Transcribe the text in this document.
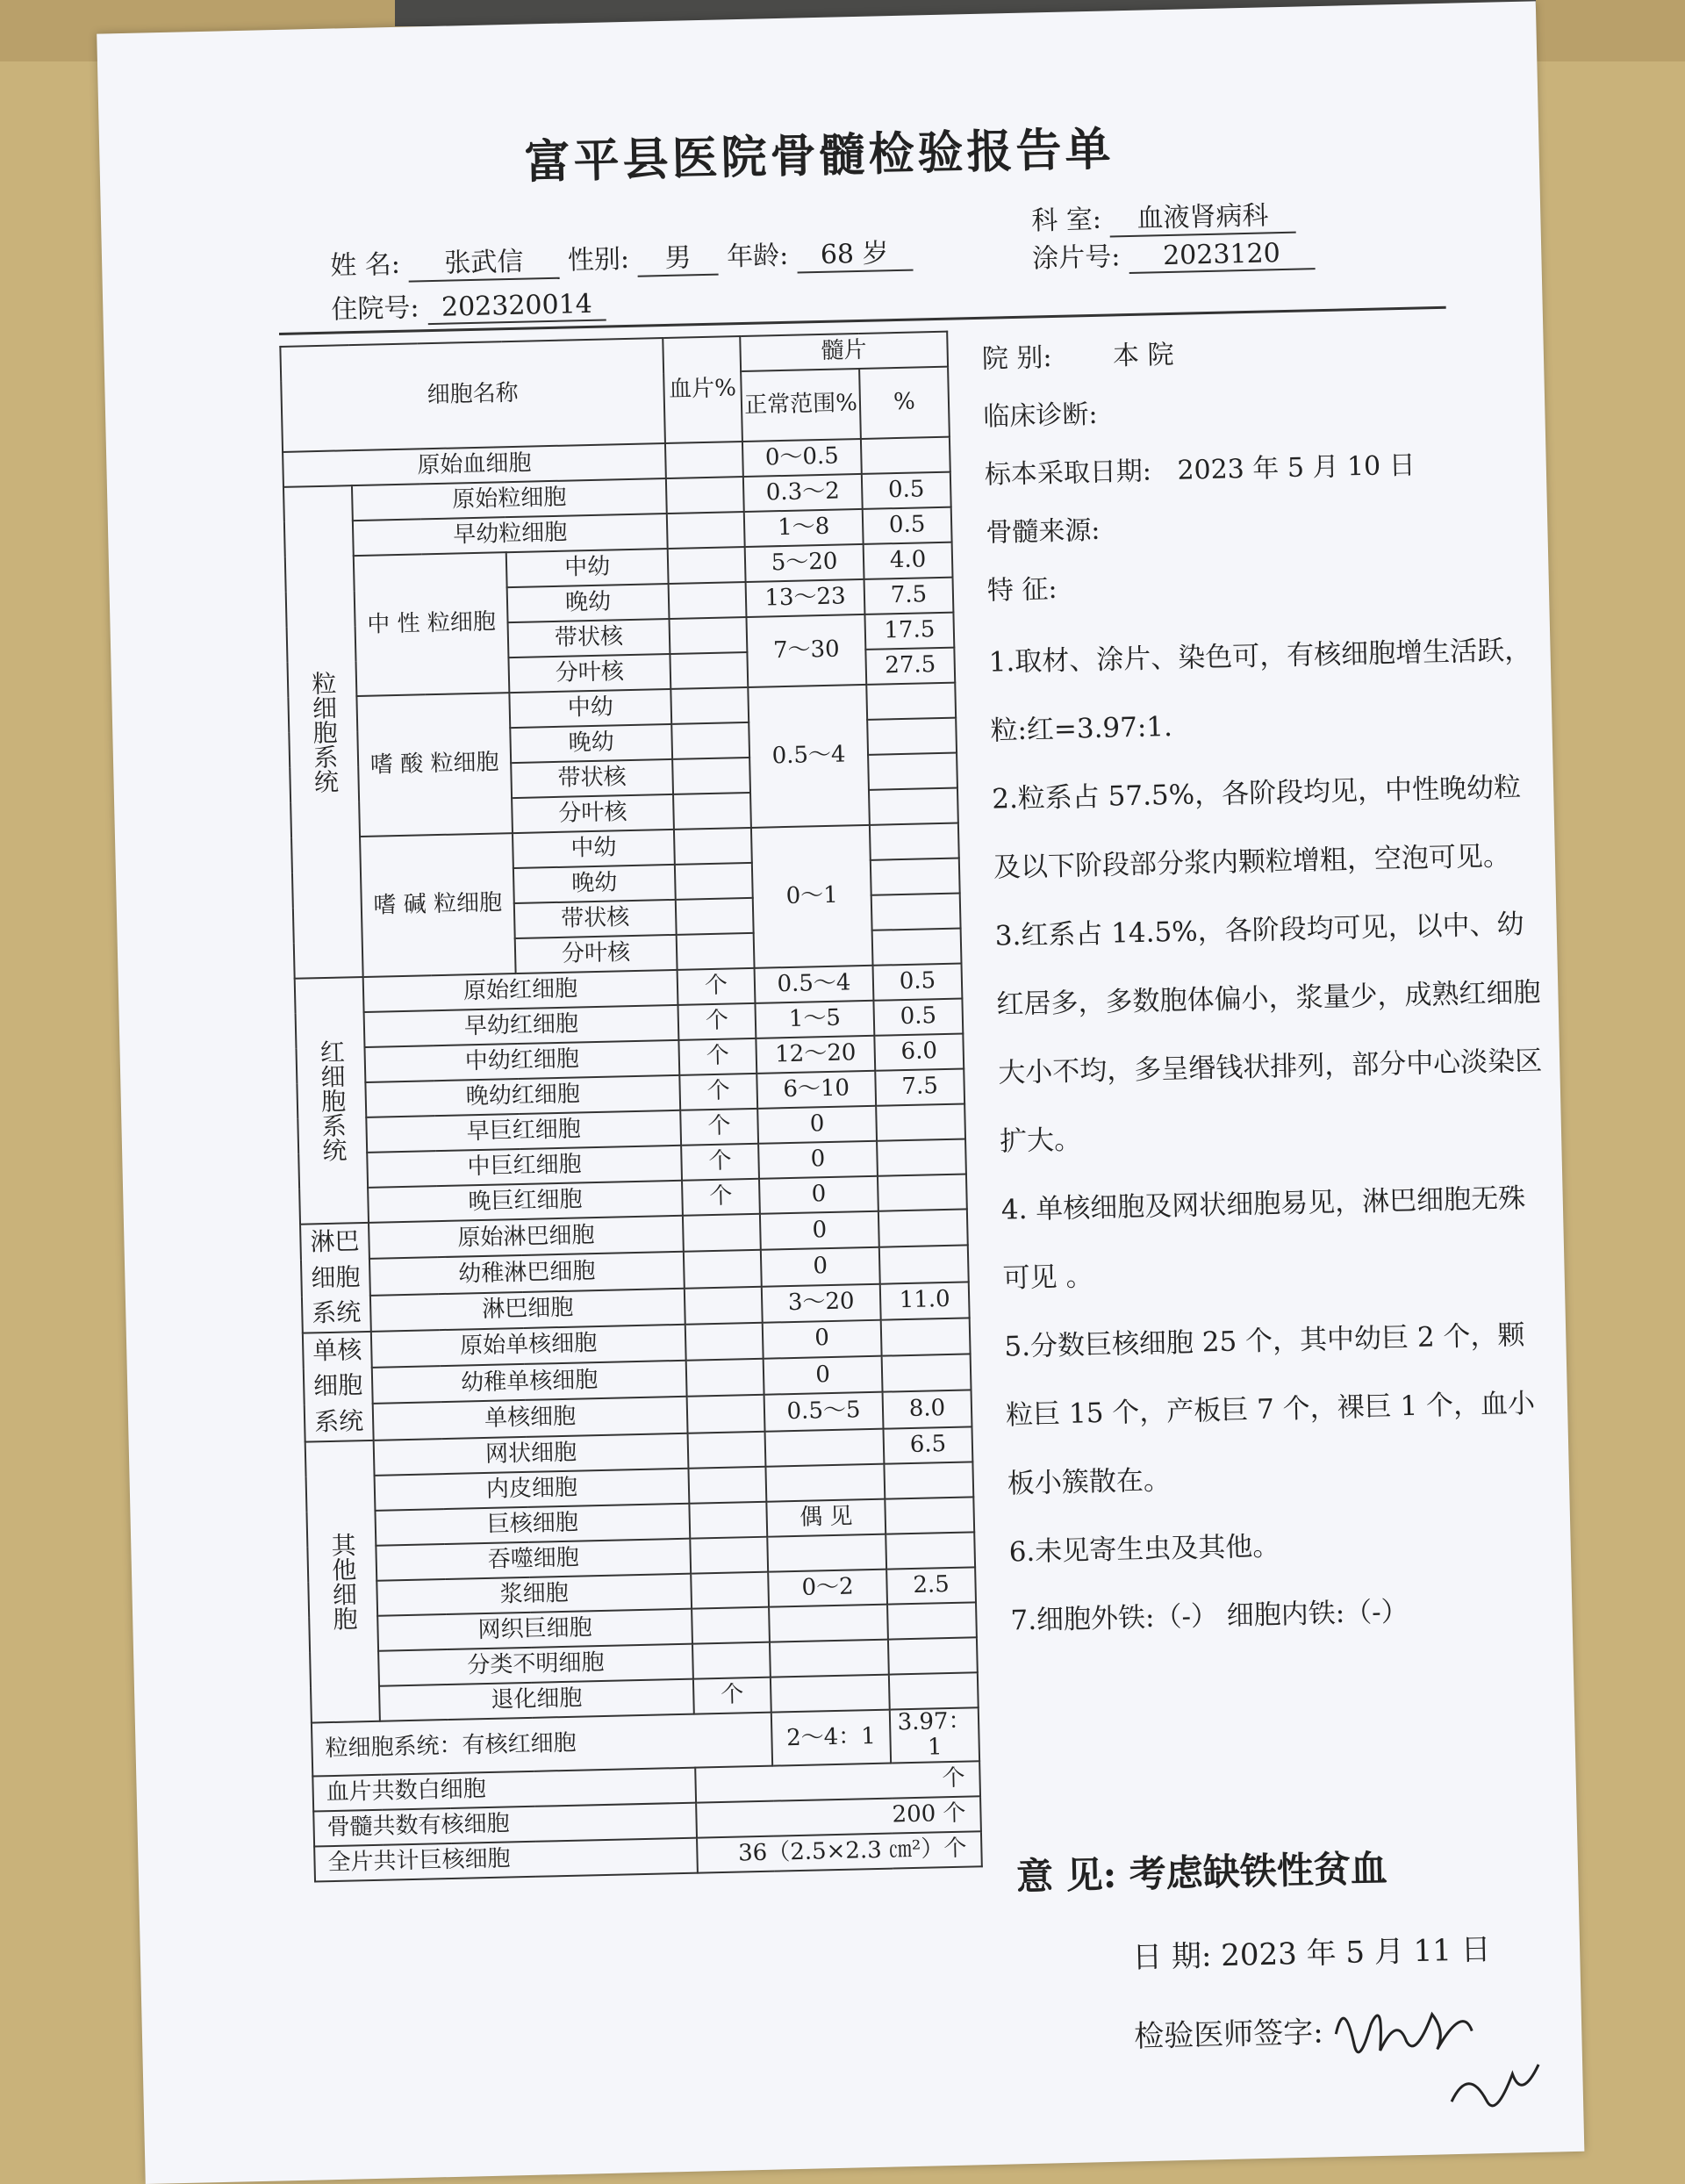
富平县医院骨髓检验报告单
姓 名: 张武信 性别: 男 年龄: 68 岁
科 室: 血液肾病科
涂片号: 2023120
住院号: 202320014
细胞名称			血片%	髓片	
				正常范围%	%
原始血细胞				0～0.5	
粒细胞系统	原始粒细胞			0.3～2	0.5
	早幼粒细胞			1～8	0.5
	中 性 粒细胞	中幼		5～20	4.0
		晚幼		13～23	7.5
		带状核		7～30	17.5
		分叶核			27.5
	嗜 酸 粒细胞	中幼		0.5～4	
		晚幼			
		带状核			
		分叶核			
	嗜 碱 粒细胞	中幼		0～1	
		晚幼			
		带状核			
		分叶核			
红细胞系统	原始红细胞		个	0.5～4	0.5
	早幼红细胞		个	1～5	0.5
	中幼红细胞		个	12～20	6.0
	晚幼红细胞		个	6～10	7.5
	早巨红细胞		个	0	
	中巨红细胞		个	0	
	晚巨红细胞		个	0	
淋巴细胞系统	原始淋巴细胞			0	
	幼稚淋巴细胞			0	
	淋巴细胞			3～20	11.0
单核细胞系统	原始单核细胞			0	
	幼稚单核细胞			0	
	单核细胞			0.5～5	8.0
其他细胞	网状细胞				6.5
	内皮细胞				
	巨核细胞			偶 见	
	吞噬细胞				
	浆细胞			0～2	2.5
	网织巨细胞				
	分类不明细胞				
	退化细胞		个		
粒细胞系统：有核红细胞				2～4：1	3.97：1
血片共数白细胞			个		
骨髓共数有核细胞			200 个		
全片共计巨核细胞			36（2.5×2.3 ㎝²）个		
院 别: 本 院
临床诊断:
标本采取日期: 2023 年 5 月 10 日
骨髓来源:
特 征:

1.取材、涂片、染色可，有核细胞增生活跃，粒:红=3.97:1.

2.粒系占 57.5%，各阶段均见，中性晚幼粒及以下阶段部分浆内颗粒增粗，空泡可见。

3.红系占 14.5%，各阶段均可见，以中、幼红居多，多数胞体偏小，浆量少，成熟红细胞大小不均，多呈缗钱状排列，部分中心淡染区扩大。

4. 单核细胞及网状细胞易见，淋巴细胞无殊可见 。

5.分数巨核细胞 25 个，其中幼巨 2 个，颗粒巨 15 个，产板巨 7 个，裸巨 1 个，血小板小簇散在。

6.未见寄生虫及其他。

7.细胞外铁:（-） 细胞内铁:（-）

意 见: 考虑缺铁性贫血
日 期: 2023 年 5 月 11 日
检验医师签字:
